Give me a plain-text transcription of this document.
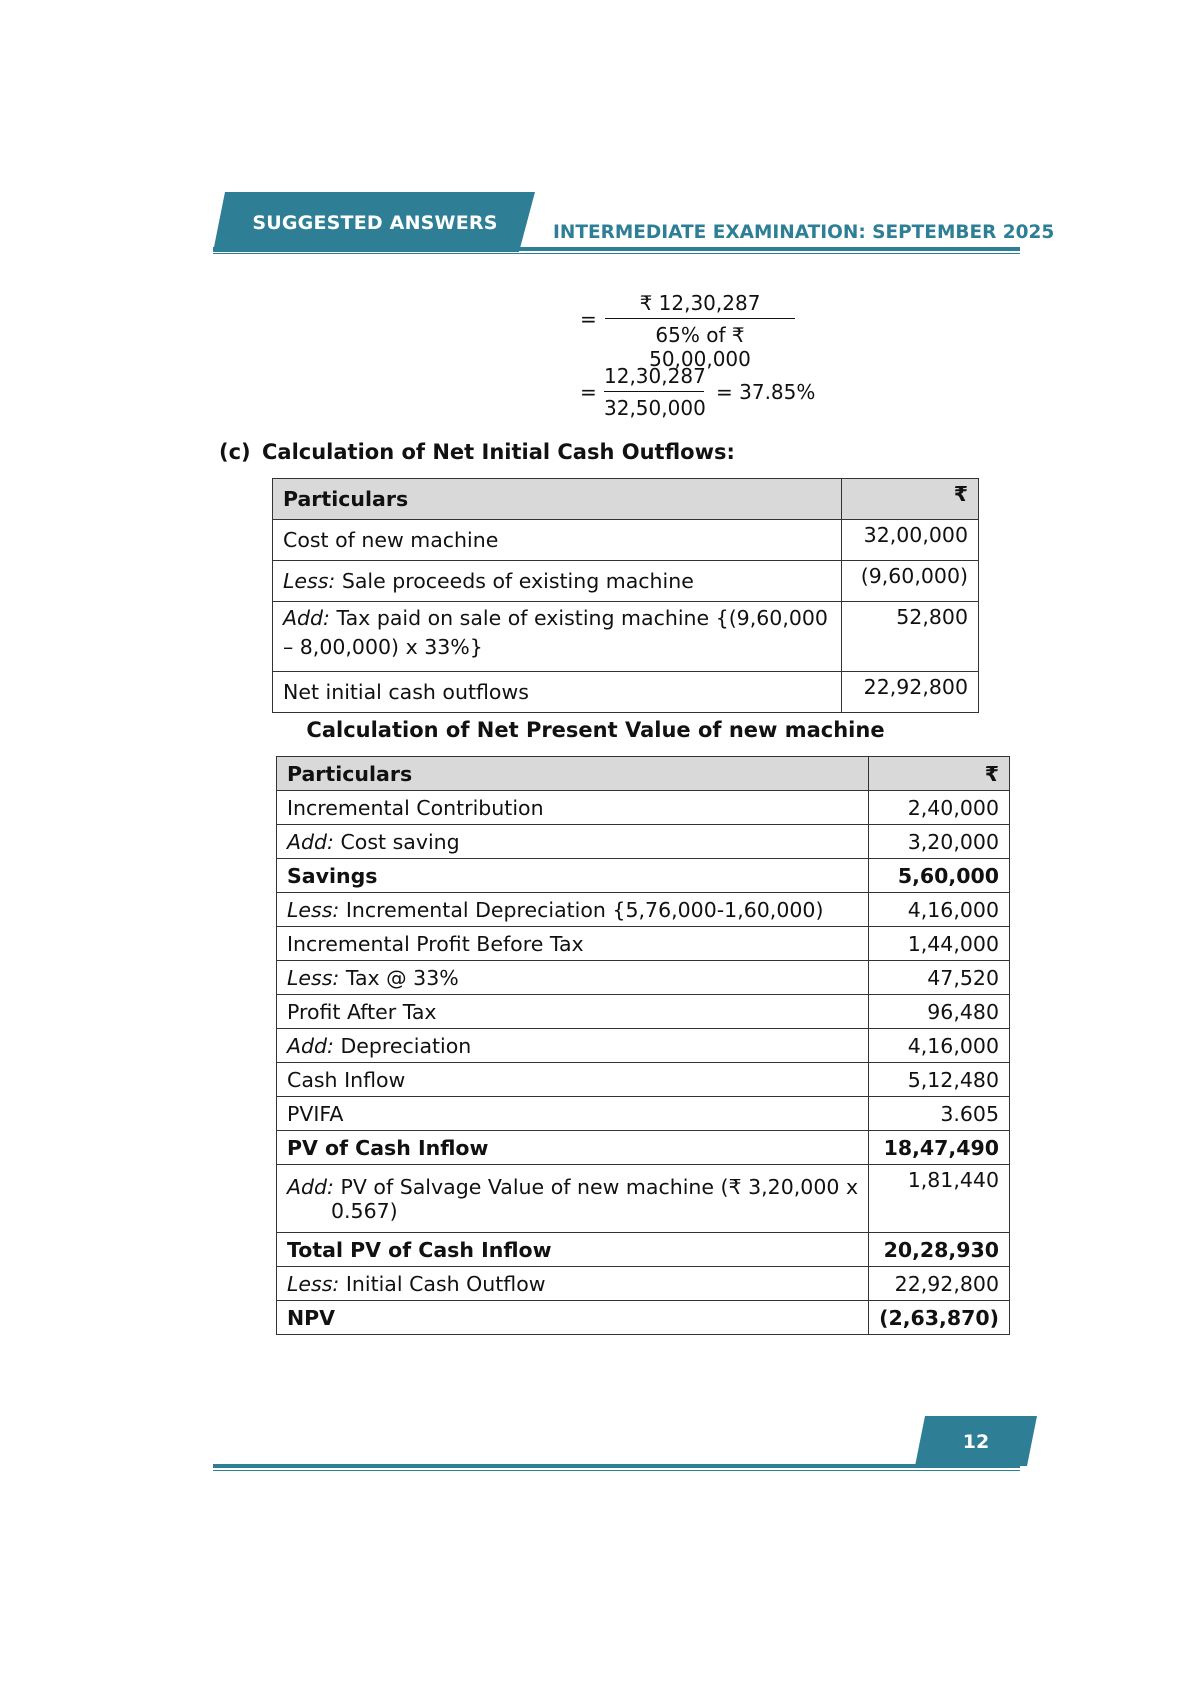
SUGGESTED ANSWERS	INTERMEDIATE EXAMINATION: SEPTEMBER 2025
= $\frac{₹ 12,30,287}{65\% of ₹ 50,00,000}$
= $\frac{12,30,287}{32,50,000} = 37.85\%$
(c) Calculation of Net Initial Cash Outflows:
Particulars	₹
Cost of new machine	32,00,000
Less: Sale proceeds of existing machine	(9,60,000)
Add: Tax paid on sale of existing machine {(9,60,000 – 8,00,000) x 33%}	52,800
Net initial cash outflows	22,92,800
Calculation of Net Present Value of new machine
Particulars	₹
Incremental Contribution	2,40,000
Add: Cost saving	3,20,000
Savings	5,60,000
Less: Incremental Depreciation {5,76,000-1,60,000)	4,16,000
Incremental Profit Before Tax	1,44,000
Less: Tax @ 33%	47,520
Profit After Tax	96,480
Add: Depreciation	4,16,000
Cash Inflow	5,12,480
PVIFA	3.605
PV of Cash Inflow	18,47,490

Add: PV of Salvage Value of new machine (₹ 3,20,000 x
0.567)	1,81,440
Total PV of Cash Inflow	20,28,930
Less: Initial Cash Outflow	22,92,800
NPV	(2,63,870)
12
